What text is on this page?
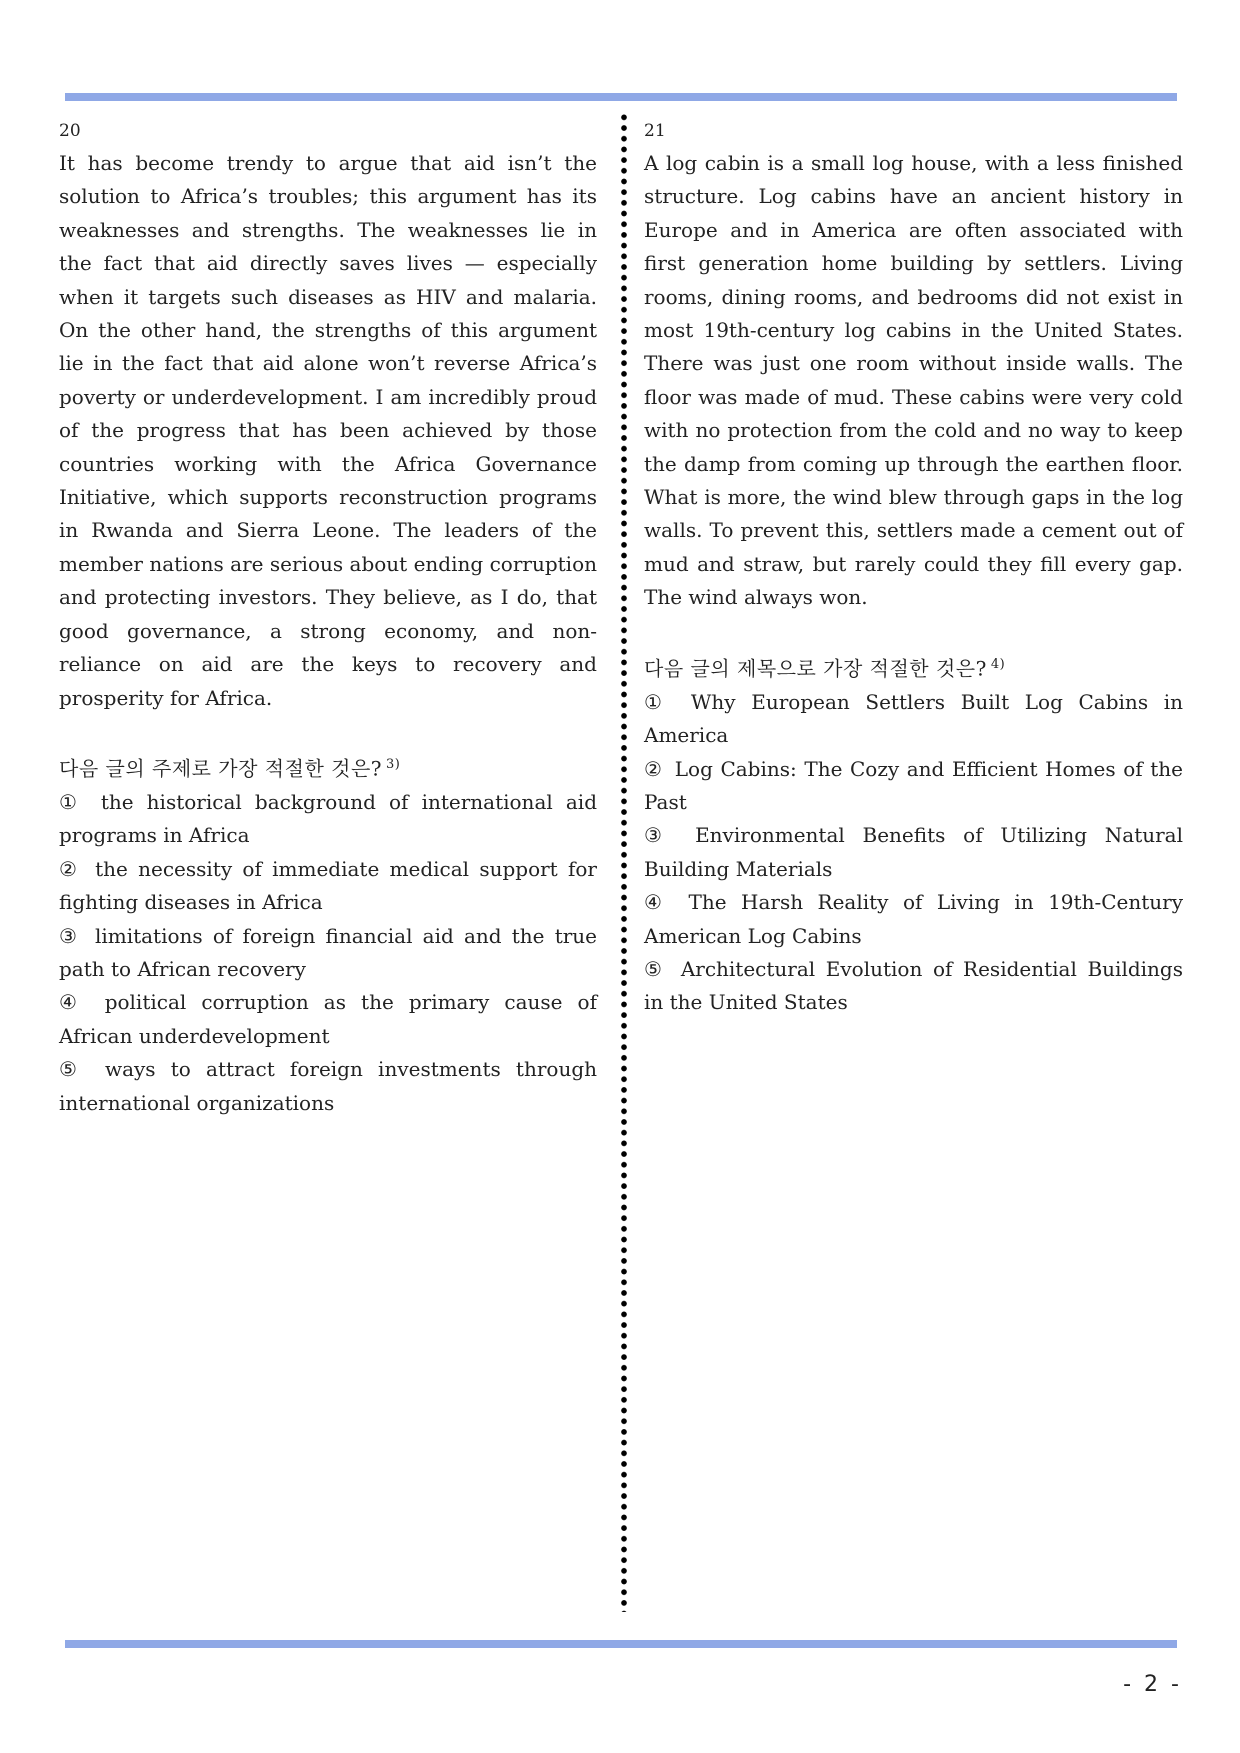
20

It has become trendy to argue that aid isn’t the solution to Africa’s troubles; this argument has its weaknesses and strengths. The weaknesses lie in the fact that aid directly saves lives — especially when it targets such diseases as HIV and malaria. On the other hand, the strengths of this argument lie in the fact that aid alone won’t reverse Africa’s poverty or underdevelopment. I am incredibly proud of the progress that has been achieved by those countries working with the Africa Governance Initiative, which supports reconstruction programs in Rwanda and Sierra Leone. The leaders of the member nations are serious about ending corruption and protecting investors. They believe, as I do, that good governance, a strong economy, and non-reliance on aid are the keys to recovery and prosperity for Africa.

다음 글의 주제로 가장 적절한 것은? $^{3)}$

① the historical background of international aid programs in Africa

② the necessity of immediate medical support for fighting diseases in Africa

③ limitations of foreign financial aid and the true path to African recovery

④ political corruption as the primary cause of African underdevelopment

⑤ ways to attract foreign investments through international organizations

21

A log cabin is a small log house, with a less finished structure. Log cabins have an ancient history in Europe and in America are often associated with first generation home building by settlers. Living rooms, dining rooms, and bedrooms did not exist in most 19th-century log cabins in the United States. There was just one room without inside walls. The floor was made of mud. These cabins were very cold with no protection from the cold and no way to keep the damp from coming up through the earthen floor. What is more, the wind blew through gaps in the log walls. To prevent this, settlers made a cement out of mud and straw, but rarely could they fill every gap. The wind always won.

다음 글의 제목으로 가장 적절한 것은? $^{4)}$

① Why European Settlers Built Log Cabins in America

② Log Cabins: The Cozy and Efficient Homes of the Past

③ Environmental Benefits of Utilizing Natural Building Materials

④ The Harsh Reality of Living in 19th-Century American Log Cabins

⑤ Architectural Evolution of Residential Buildings in the United States

- 2 -
